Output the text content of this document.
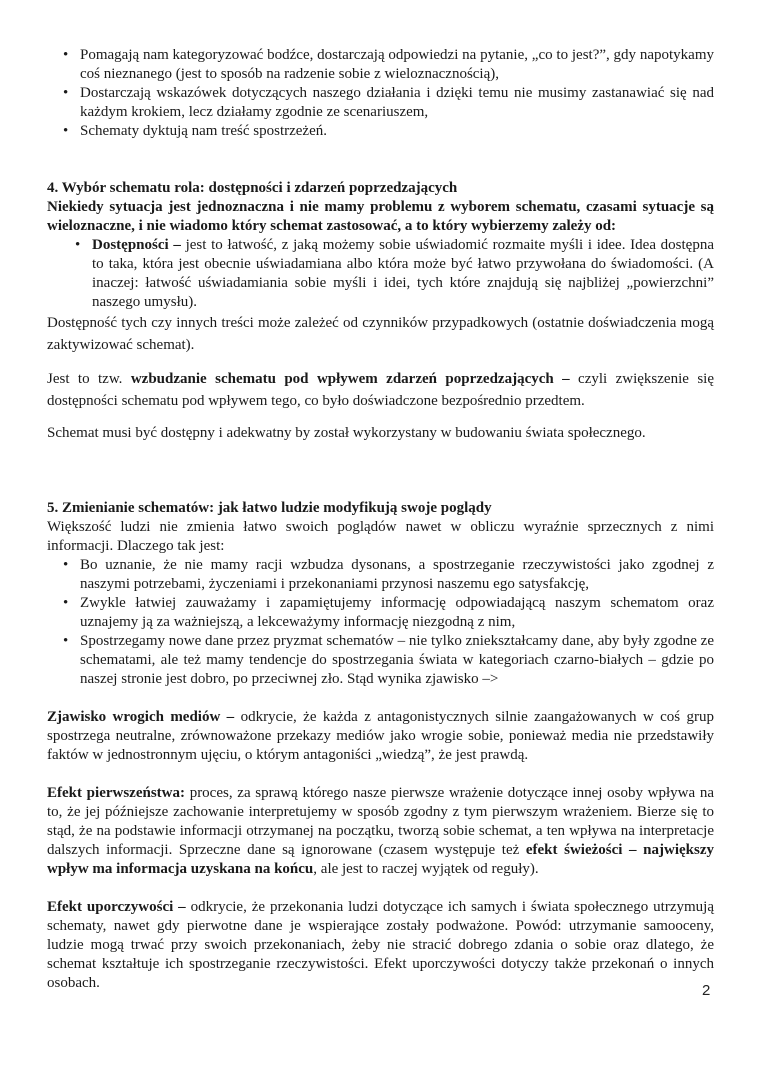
• Pomagają nam kategoryzować bodźce, dostarczają odpowiedzi na pytanie, „co to jest?”, gdy napotykamy coś nieznanego (jest to sposób na radzenie sobie z wieloznacznością),
• Dostarczają wskazówek dotyczących naszego działania i dzięki temu nie musimy zastanawiać się nad każdym krokiem, lecz działamy zgodnie ze scenariuszem,
• Schematy dyktują nam treść spostrzeżeń.
4. Wybór schematu rola: dostępności i zdarzeń poprzedzających

Niekiedy sytuacja jest jednoznaczna i nie mamy problemu z wyborem schematu, czasami sytuacje są wieloznaczne, i nie wiadomo który schemat zastosować, a to który wybierzemy zależy od:

• Dostępności – jest to łatwość, z jaką możemy sobie uświadomić rozmaite myśli i idee. Idea dostępna to taka, która jest obecnie uświadamiana albo która może być łatwo przywołana do świadomości. (A inaczej: łatwość uświadamiania sobie myśli i idei, tych które znajdują się najbliżej „powierzchni” naszego umysłu).

Dostępność tych czy innych treści może zależeć od czynników przypadkowych (ostatnie doświadczenia mogą zaktywizować schemat).

Jest to tzw. wzbudzanie schematu pod wpływem zdarzeń poprzedzających – czyli zwiększenie się dostępności schematu pod wpływem tego, co było doświadczone bezpośrednio przedtem.

Schemat musi być dostępny i adekwatny by został wykorzystany w budowaniu świata społecznego.

5. Zmienianie schematów: jak łatwo ludzie modyfikują swoje poglądy

Większość ludzi nie zmienia łatwo swoich poglądów nawet w obliczu wyraźnie sprzecznych z nimi informacji. Dlaczego tak jest:

• Bo uznanie, że nie mamy racji wzbudza dysonans, a spostrzeganie rzeczywistości jako zgodnej z naszymi potrzebami, życzeniami i przekonaniami przynosi naszemu ego satysfakcję,
• Zwykle łatwiej zauważamy i zapamiętujemy informację odpowiadającą naszym schematom oraz uznajemy ją za ważniejszą, a lekceważymy informację niezgodną z nim,
• Spostrzegamy nowe dane przez pryzmat schematów – nie tylko zniekształcamy dane, aby były zgodne ze schematami, ale też mamy tendencje do spostrzegania świata w kategoriach czarno-białych – gdzie po naszej stronie jest dobro, po przeciwnej zło. Stąd wynika zjawisko –>

Zjawisko wrogich mediów – odkrycie, że każda z antagonistycznych silnie zaangażowanych w coś grup spostrzega neutralne, zrównoważone przekazy mediów jako wrogie sobie, ponieważ media nie przedstawiły faktów w jednostronnym ujęciu, o którym antagoniści „wiedzą”, że jest prawdą.

Efekt pierwszeństwa: proces, za sprawą którego nasze pierwsze wrażenie dotyczące innej osoby wpływa na to, że jej późniejsze zachowanie interpretujemy w sposób zgodny z tym pierwszym wrażeniem. Bierze się to stąd, że na podstawie informacji otrzymanej na początku, tworzą sobie schemat, a ten wpływa na interpretacje dalszych informacji. Sprzeczne dane są ignorowane (czasem występuje też efekt świeżości – największy wpływ ma informacja uzyskana na końcu, ale jest to raczej wyjątek od reguły).

Efekt uporczywości – odkrycie, że przekonania ludzi dotyczące ich samych i świata społecznego utrzymują schematy, nawet gdy pierwotne dane je wspierające zostały podważone. Powód: utrzymanie samooceny, ludzie mogą trwać przy swoich przekonaniach, żeby nie stracić dobrego zdania o sobie oraz dlatego, że schemat kształtuje ich spostrzeganie rzeczywistości. Efekt uporczywości dotyczy także przekonań o innych osobach.	2
